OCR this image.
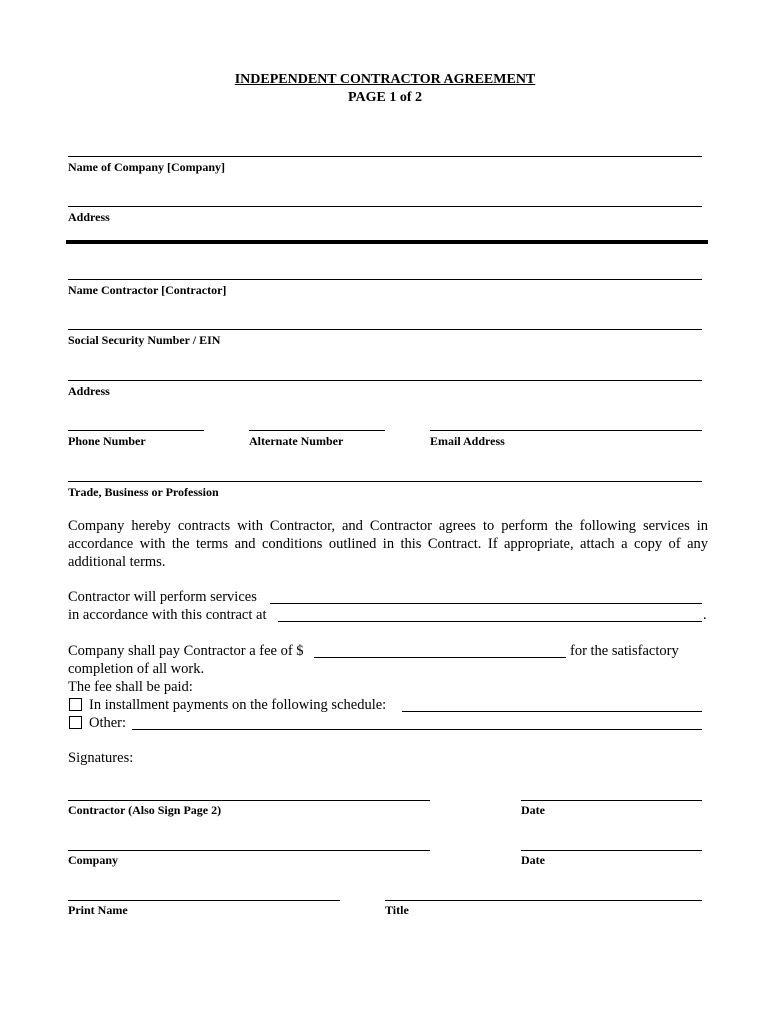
INDEPENDENT CONTRACTOR AGREEMENT
PAGE 1 of 2
Name of Company [Company]
Address
Name Contractor [Contractor]
Social Security Number / EIN
Address
Phone Number	Alternate Number	Email Address
Trade, Business or Profession
Company hereby contracts with Contractor, and Contractor agrees to perform the following services in accordance with the terms and conditions outlined in this Contract. If appropriate, attach a copy of any additional terms.
Contractor will perform services
in accordance with this contract at	.
Company shall pay Contractor a fee of $	for the satisfactory
completion of all work.
The fee shall be paid:
In installment payments on the following schedule:
Other:
Signatures:
Contractor (Also Sign Page 2)	Date
Company	Date
Print Name	Title
